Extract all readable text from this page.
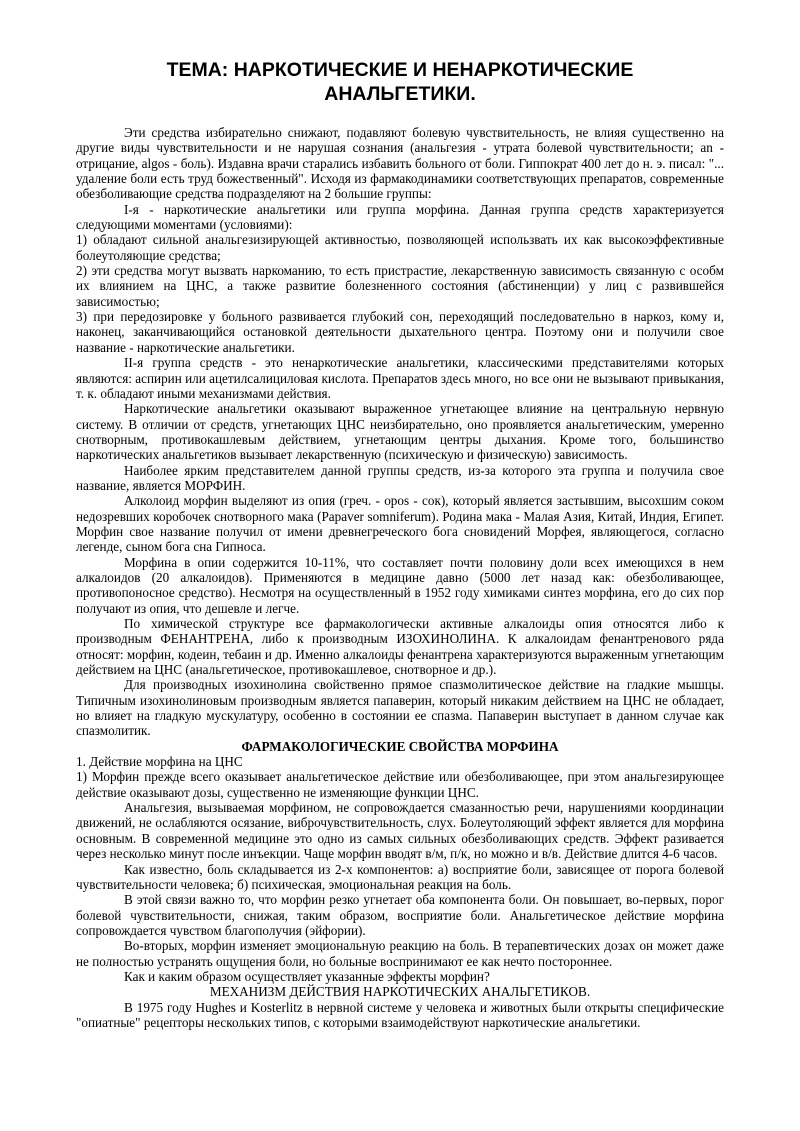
ТЕМА: НАРКОТИЧЕСКИЕ И НЕНАРКОТИЧЕСКИЕ
АНАЛЬГЕТИКИ.

Эти средства избирательно снижают, подавляют болевую чувствительность, не влияя существенно на другие виды чувствительности и не нарушая сознания (анальгезия - утрата болевой чувствительности; an - отрицание, algos - боль). Издавна врачи старались избавить больного от боли. Гиппократ 400 лет до н. э. писал: "... удаление боли есть труд божественный". Исходя из фармакодинамики соответствующих препаратов, современные обезболивающие средства подразделяют на 2 большие группы:

I-я - наркотические анальгетики или группа морфина. Данная группа средств характеризуется следующими моментами (условиями):

1) обладают сильной анальгезизирующей активностью, позволяющей использвать их как высокоэффективные болеутоляющие средства;

2) эти средства могут вызвать наркоманию, то есть пристрастие, лекарственную зависимость связанную с особм их влиянием на ЦНС, а также развитие болезненного состояния (абстиненции) у лиц с развившейся зависимостью;

3) при передозировке у больного развивается глубокий сон, переходящий последовательно в наркоз, кому и, наконец, заканчивающийся остановкой деятельности дыхательного центра. Поэтому они и получили свое название - наркотические анальгетики.

II-я группа средств - это ненаркотические анальгетики, классическими представителями которых являются: аспирин или ацетилсалициловая кислота. Препаратов здесь много, но все они не вызывают привыкания, т. к. обладают иными механизмами действия.

Наркотические анальгетики оказывают выраженное угнетающее влияние на центральную нервную систему. В отличии от средств, угнетающих ЦНС неизбирательно, оно проявляется анальгетическим, умеренно снотворным, противокашлевым действием, угнетающим центры дыхания. Кроме того, большинство наркотических анальгетиков вызывает лекарственную (психическую и физическую) зависимость.

Наиболее ярким представителем данной группы средств, из-за которого эта группа и получила свое название, является МОРФИН.

Алколоид морфин выделяют из опия (греч. - opos - сок), который является застывшим, высохшим соком недозревших коробочек снотворного мака (Papaver somniferum). Родина мака - Малая Азия, Китай, Индия, Египет. Морфин свое название получил от имени древнегреческого бога сновидений Морфея, являющегося, согласно легенде, сыном бога сна Гипноса.

Морфина в опии содержится 10-11%, что составляет почти половину доли всех имеющихся в нем алкалоидов (20 алкалоидов). Применяются в медицине давно (5000 лет назад как: обезболивающее, противопоносное средство). Несмотря на осуществленный в 1952 году химиками синтез морфина, его до сих пор получают из опия, что дешевле и легче.

По химической структуре все фармакологически активные алкалоиды опия относятся либо к производным ФЕНАНТРЕНА, либо к производным ИЗОХИНОЛИНА. К алкалоидам фенантренового ряда относят: морфин, кодеин, тебаин и др. Именно алкалоиды фенантрена характеризуются выраженным угнетающим действием на ЦНС (анальгетическое, противокашлевое, снотворное и др.).

Для производных изохинолина свойственно прямое спазмолитическое действие на гладкие мышцы. Типичным изохинолиновым производным является папаверин, который никаким действием на ЦНС не обладает, но влияет на гладкую мускулатуру, особенно в состоянии ее спазма. Папаверин выступает в данном случае как спазмолитик.

ФАРМАКОЛОГИЧЕСКИЕ СВОЙСТВА МОРФИНА

1. Действие морфина на ЦНС

1) Морфин прежде всего оказывает анальгетическое действие или обезболивающее, при этом анальгезирующее действие оказывают дозы, существенно не изменяющие функции ЦНС.

Анальгезия, вызываемая морфином, не сопровождается смазанностью речи, нарушениями координации движений, не ослабляются осязание, виброчувствительность, слух. Болеутоляющий эффект является для морфина основным. В современной медицине это одно из самых сильных обезболивающих средств. Эффект разивается через несколько минут после инъекции. Чаще морфин вводят в/м, п/к, но можно и в/в. Действие длится 4-6 часов.

Как известно, боль складывается из 2-х компонентов: а) восприятие боли, зависящее от порога болевой чувствительности человека; б) психическая, эмоциональная реакция на боль.

В этой связи важно то, что морфин резко угнетает оба компонента боли. Он повышает, во-первых, порог болевой чувствительности, снижая, таким образом, восприятие боли. Анальгетическое действие морфина сопровождается чувством благополучия (эйфории).

Во-вторых, морфин изменяет эмоциональную реакцию на боль. В терапевтических дозах он может даже не полностью устранять ощущения боли, но больные воспринимают ее как нечто постороннее.

Как и каким образом осуществляет указанные эффекты морфин?

МЕХАНИЗМ ДЕЙСТВИЯ НАРКОТИЧЕСКИХ АНАЛЬГЕТИКОВ.

В 1975 году Hughes и Kosterlitz в нервной системе у человека и животных были открыты специфические "опиатные" рецепторы нескольких типов, с которыми взаимодействуют наркотические анальгетики.
